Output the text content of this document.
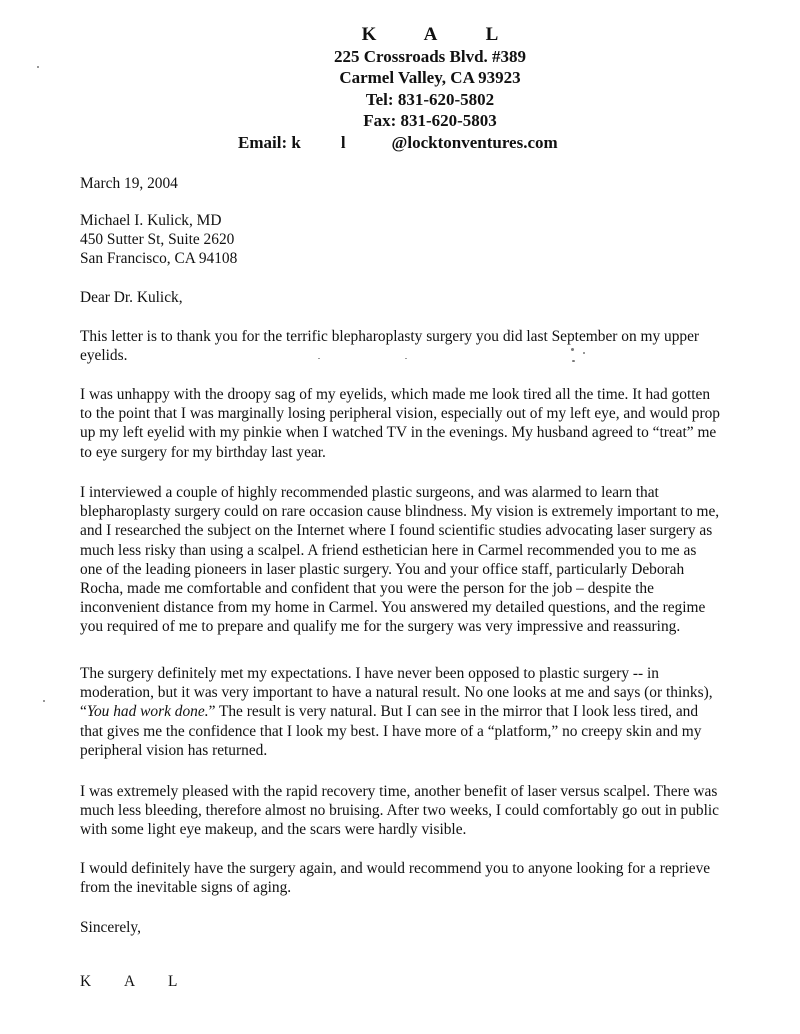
K A	L
225 Crossroads Blvd. #389
Carmel Valley, CA 93923
Tel: 831-620-5802
Fax: 831-620-5803
Email: k l	@locktonventures.com
March 19, 2004
Michael I. Kulick, MD
450 Sutter St, Suite 2620
San Francisco, CA 94108
Dear Dr. Kulick,
This letter is to thank you for the terrific blepharoplasty surgery you did last September on my upper eyelids.
I was unhappy with the droopy sag of my eyelids, which made me look tired all the time. It had gotten to the point that I was marginally losing peripheral vision, especially out of my left eye, and would prop up my left eyelid with my pinkie when I watched TV in the evenings. My husband agreed to “treat” me to eye surgery for my birthday last year.
I interviewed a couple of highly recommended plastic surgeons, and was alarmed to learn that blepharoplasty surgery could on rare occasion cause blindness. My vision is extremely important to me, and I researched the subject on the Internet where I found scientific studies advocating laser surgery as much less risky than using a scalpel. A friend esthetician here in Carmel recommended you to me as one of the leading pioneers in laser plastic surgery. You and your office staff, particularly Deborah Rocha, made me comfortable and confident that you were the person for the job – despite the inconvenient distance from my home in Carmel. You answered my detailed questions, and the regime you required of me to prepare and qualify me for the surgery was very impressive and reassuring.
The surgery definitely met my expectations. I have never been opposed to plastic surgery -- in moderation, but it was very important to have a natural result. No one looks at me and says (or thinks), “You had work done.” The result is very natural. But I can see in the mirror that I look less tired, and that gives me the confidence that I look my best. I have more of a “platform,” no creepy skin and my peripheral vision has returned.
I was extremely pleased with the rapid recovery time, another benefit of laser versus scalpel. There was much less bleeding, therefore almost no bruising. After two weeks, I could comfortably go out in public with some light eye makeup, and the scars were hardly visible.
I would definitely have the surgery again, and would recommend you to anyone looking for a reprieve from the inevitable signs of aging.
Sincerely,
K A L
